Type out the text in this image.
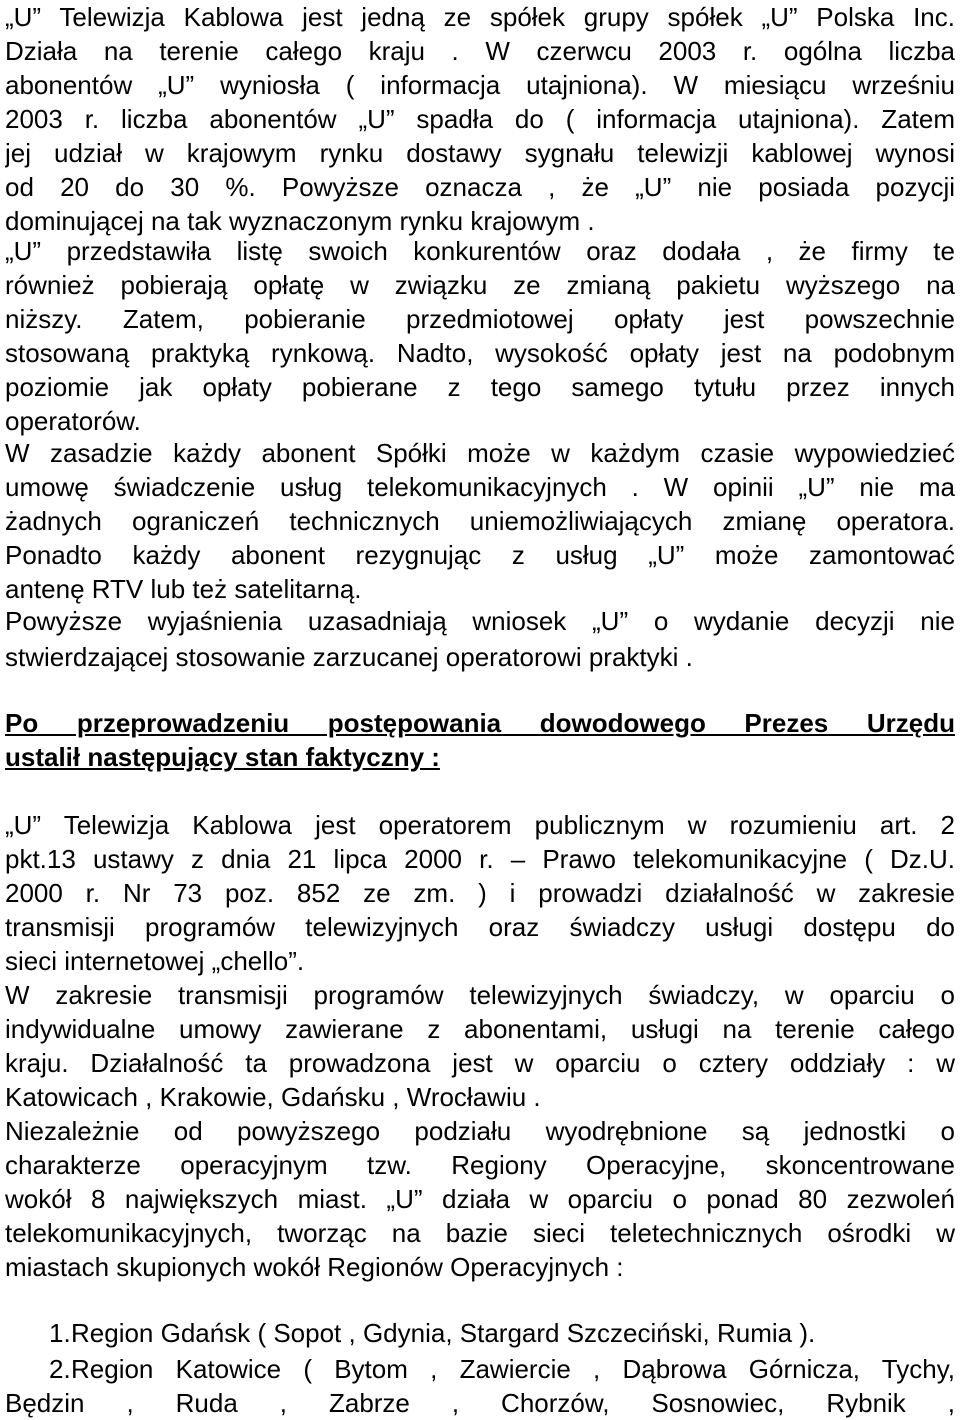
„U” Telewizja Kablowa jest jedną ze spółek grupy spółek „U” Polska Inc.
Działa na terenie całego kraju . W czerwcu 2003 r. ogólna liczba
abonentów „U” wyniosła ( informacja utajniona). W miesiącu wrześniu
2003 r. liczba abonentów „U” spadła do ( informacja utajniona). Zatem
jej udział w krajowym rynku dostawy sygnału telewizji kablowej wynosi
od 20 do 30 %. Powyższe oznacza , że „U” nie posiada pozycji
dominującej na tak wyznaczonym rynku krajowym .
„U” przedstawiła listę swoich konkurentów oraz dodała , że firmy te
również pobierają opłatę w związku ze zmianą pakietu wyższego na
niższy. Zatem, pobieranie przedmiotowej opłaty jest powszechnie
stosowaną praktyką rynkową. Nadto, wysokość opłaty jest na podobnym
poziomie jak opłaty pobierane z tego samego tytułu przez innych
operatorów.
W zasadzie każdy abonent Spółki może w każdym czasie wypowiedzieć
umowę świadczenie usług telekomunikacyjnych . W opinii „U” nie ma
żadnych ograniczeń technicznych uniemożliwiających zmianę operatora.
Ponadto każdy abonent rezygnując z usług „U” może zamontować
antenę RTV lub też satelitarną.
Powyższe wyjaśnienia uzasadniają wniosek „U” o wydanie decyzji nie
stwierdzającej stosowanie zarzucanej operatorowi praktyki .
Po przeprowadzeniu postępowania dowodowego Prezes Urzędu
ustalił następujący stan faktyczny :
„U” Telewizja Kablowa jest operatorem publicznym w rozumieniu art. 2
pkt.13 ustawy z dnia 21 lipca 2000 r. – Prawo telekomunikacyjne ( Dz.U.
2000 r. Nr 73 poz. 852 ze zm. ) i prowadzi działalność w zakresie
transmisji programów telewizyjnych oraz świadczy usługi dostępu do
sieci internetowej „chello”.
W zakresie transmisji programów telewizyjnych świadczy, w oparciu o
indywidualne umowy zawierane z abonentami, usługi na terenie całego
kraju. Działalność ta prowadzona jest w oparciu o cztery oddziały : w
Katowicach , Krakowie, Gdańsku , Wrocławiu .
Niezależnie od powyższego podziału wyodrębnione są jednostki o
charakterze operacyjnym tzw. Regiony Operacyjne, skoncentrowane
wokół 8 największych miast. „U” działa w oparciu o ponad 80 zezwoleń
telekomunikacyjnych, tworząc na bazie sieci teletechnicznych ośrodki w
miastach skupionych wokół Regionów Operacyjnych :
1. Region Gdańsk ( Sopot , Gdynia, Stargard Szczeciński, Rumia ).
2. Region Katowice ( Bytom , Zawiercie , Dąbrowa Górnicza, Tychy,
Będzin , Ruda , Zabrze , Chorzów, Sosnowiec, Rybnik ,
